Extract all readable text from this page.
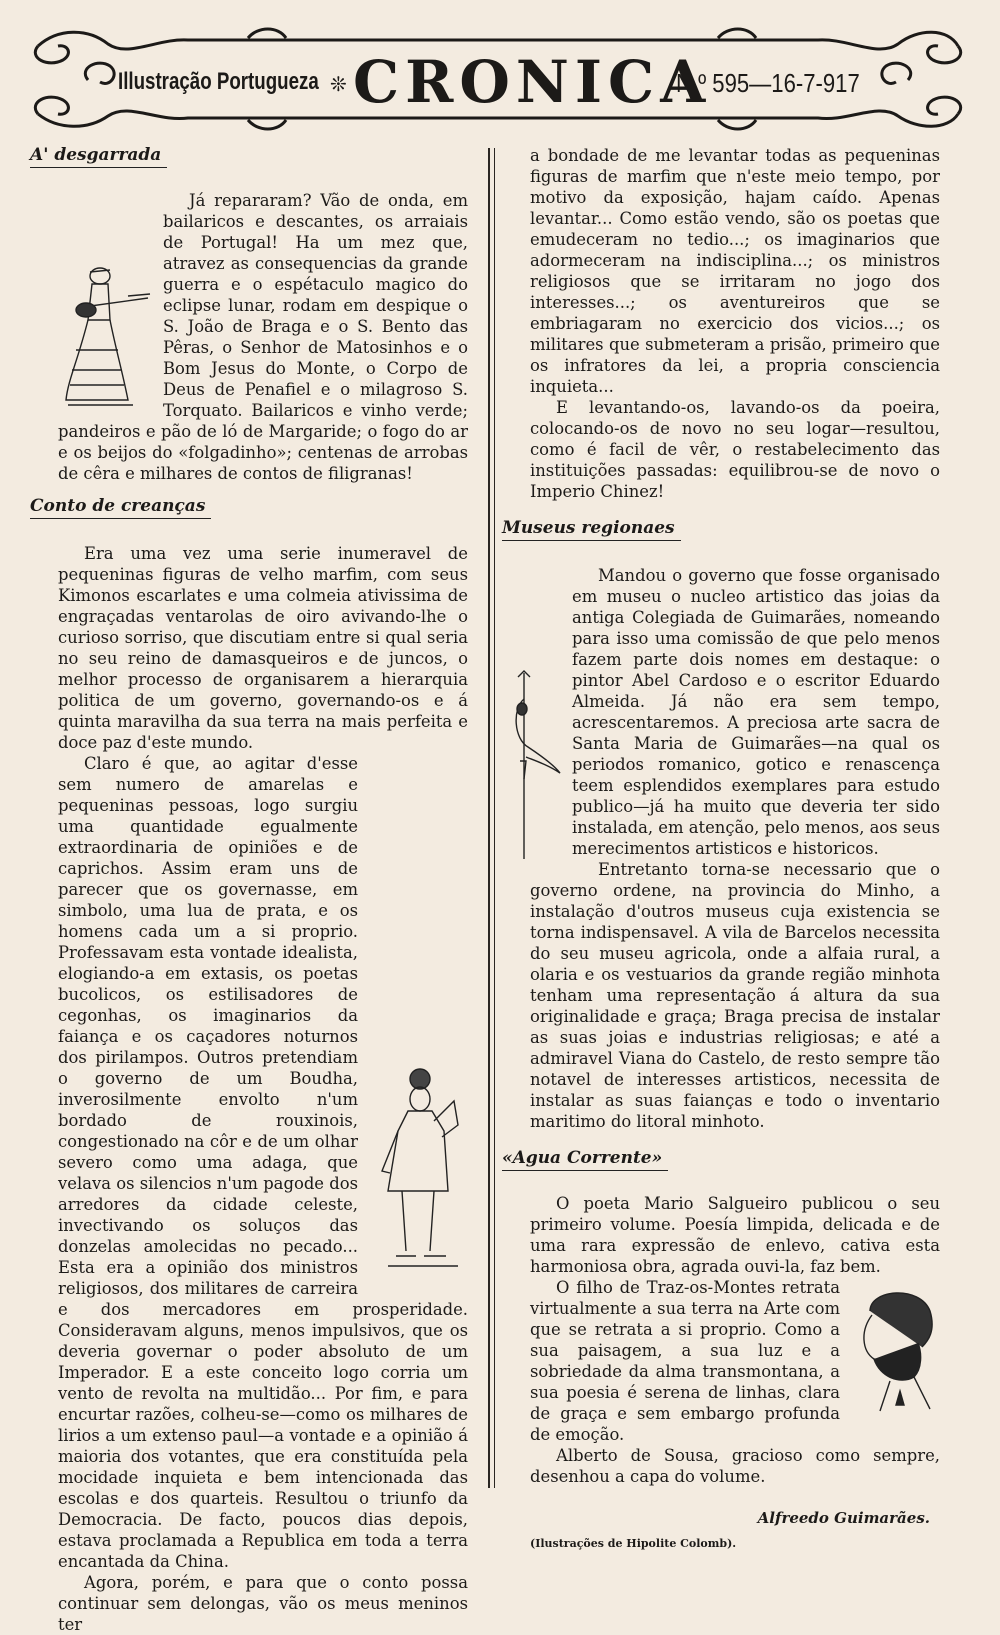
Illustração Portugueza ❊ CRONICA
N.º 595—16-7-917
A' desgarrada

Já repararam? Vão de onda, em bailaricos e descantes, os arraiais de Portugal! Ha um mez que, atravez as consequencias da grande guerra e o espétaculo magico do eclipse lunar, rodam em despique o S. João de Braga e o S. Bento das Pêras, o Senhor de Matosinhos e o Bom Jesus do Monte, o Corpo de Deus de Penafiel e o milagroso S. Torquato. Bailaricos e vinho verde; pandeiros e pão de ló de Margaride; o fogo do ar e os beijos do «folgadinho»; centenas de arrobas de cêra e milhares de contos de filigranas!

Conto de creanças

Era uma vez uma serie inumeravel de pequeninas figuras de velho marfim, com seus Kimonos escarlates e uma colmeia ativissima de engraçadas ventarolas de oiro avivando-lhe o curioso sorriso, que discutiam entre si qual seria no seu reino de damasqueiros e de juncos, o melhor processo de organisarem a hierarquia politica de um governo, governando-os e á quinta maravilha da sua terra na mais perfeita e doce paz d'este mundo.

Claro é que, ao agitar d'esse sem numero de amarelas e pequeninas pessoas, logo surgiu uma quantidade egualmente extraordinaria de opiniões e de caprichos. Assim eram uns de parecer que os governasse, em simbolo, uma lua de prata, e os homens cada um a si proprio. Professavam esta vontade idealista, elogiando-a em extasis, os poetas bucolicos, os estilisadores de cegonhas, os imaginarios da faiança e os caçadores noturnos dos pirilampos. Outros pretendiam o governo de um Boudha, inverosilmente envolto n'um bordado de rouxinois, congestionado na côr e de um olhar severo como uma adaga, que velava os silencios n'um pagode dos arredores da cidade celeste, invectivando os soluços das donzelas amolecidas no pecado... Esta era a opinião dos ministros religiosos, dos militares de carreira e dos mercadores em prosperidade. Consideravam alguns, menos impulsivos, que os deveria governar o poder absoluto de um Imperador. E a este conceito logo corria um vento de revolta na multidão... Por fim, e para encurtar razões, colheu-se—como os milhares de lirios a um extenso paul—a vontade e a opinião á maioria dos votantes, que era constituída pela mocidade inquieta e bem intencionada das escolas e dos quarteis. Resultou o triunfo da Democracia. De facto, poucos dias depois, estava proclamada a Republica em toda a terra encantada da China.

Agora, porém, e para que o conto possa continuar sem delongas, vão os meus meninos ter

a bondade de me levantar todas as pequeninas figuras de marfim que n'este meio tempo, por motivo da exposição, hajam caído. Apenas levantar... Como estão vendo, são os poetas que emudeceram no tedio...; os imaginarios que adormeceram na indisciplina...; os ministros religiosos que se irritaram no jogo dos interesses...; os aventureiros que se embriagaram no exercicio dos vicios...; os militares que submeteram a prisão, primeiro que os infratores da lei, a propria consciencia inquieta...

E levantando-os, lavando-os da poeira, colocando-os de novo no seu logar—resultou, como é facil de vêr, o restabelecimento das instituições passadas: equilibrou-se de novo o Imperio Chinez!

Museus regionaes

Mandou o governo que fosse organisado em museu o nucleo artistico das joias da antiga Colegiada de Guimarães, nomeando para isso uma comissão de que pelo menos fazem parte dois nomes em destaque: o pintor Abel Cardoso e o escritor Eduardo Almeida. Já não era sem tempo, acrescentaremos. A preciosa arte sacra de Santa Maria de Guimarães—na qual os periodos romanico, gotico e renascença teem esplendidos exemplares para estudo publico—já ha muito que deveria ter sido instalada, em atenção, pelo menos, aos seus merecimentos artisticos e historicos.

Entretanto torna-se necessario que o governo ordene, na provincia do Minho, a instalação d'outros museus cuja existencia se torna indispensavel. A vila de Barcelos necessita do seu museu agricola, onde a alfaia rural, a olaria e os vestuarios da grande região minhota tenham uma representação á altura da sua originalidade e graça; Braga precisa de instalar as suas joias e industrias religiosas; e até a admiravel Viana do Castelo, de resto sempre tão notavel de interesses artisticos, necessita de instalar as suas faianças e todo o inventario maritimo do litoral minhoto.

«Agua Corrente»

O poeta Mario Salgueiro publicou o seu primeiro volume. Poesía limpida, delicada e de uma rara expressão de enlevo, cativa esta harmoniosa obra, agrada ouvi-la, faz bem.

O filho de Traz-os-Montes retrata virtualmente a sua terra na Arte com que se retrata a si proprio. Como a sua paisagem, a sua luz e a sobriedade da alma transmontana, a sua poesia é serena de linhas, clara de graça e sem embargo profunda de emoção.

Alberto de Sousa, gracioso como sempre, desenhou a capa do volume.

Alfreedo Guimarães.
(Ilustrações de Hipolite Colomb).
